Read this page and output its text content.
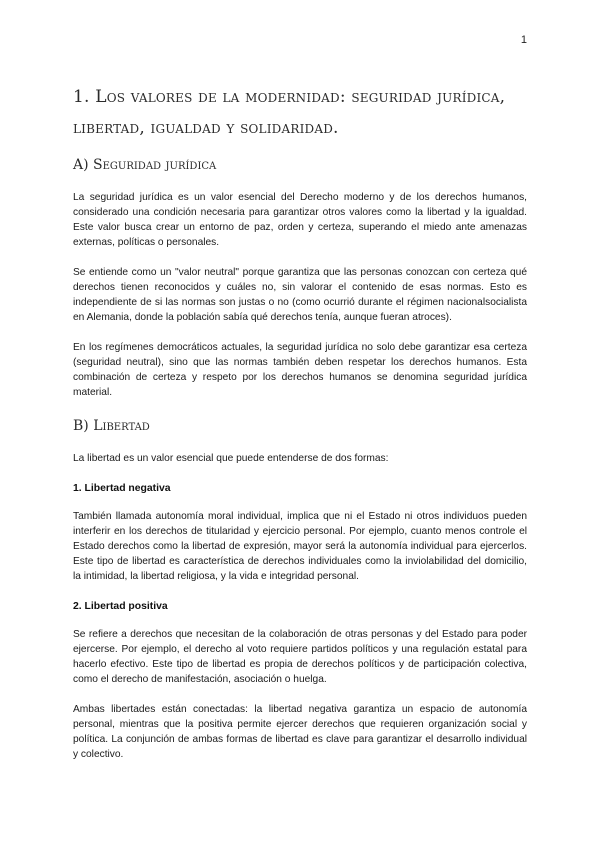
1
1. Los valores de la modernidad: seguridad jurídica, libertad, igualdad y solidaridad.
A) Seguridad jurídica

La seguridad jurídica es un valor esencial del Derecho moderno y de los derechos humanos, considerado una condición necesaria para garantizar otros valores como la libertad y la igualdad. Este valor busca crear un entorno de paz, orden y certeza, superando el miedo ante amenazas externas, políticas o personales.

Se entiende como un "valor neutral" porque garantiza que las personas conozcan con certeza qué derechos tienen reconocidos y cuáles no, sin valorar el contenido de esas normas. Esto es independiente de si las normas son justas o no (como ocurrió durante el régimen nacionalsocialista en Alemania, donde la población sabía qué derechos tenía, aunque fueran atroces).

En los regímenes democráticos actuales, la seguridad jurídica no solo debe garantizar esa certeza (seguridad neutral), sino que las normas también deben respetar los derechos humanos. Esta combinación de certeza y respeto por los derechos humanos se denomina seguridad jurídica material.

B) Libertad

La libertad es un valor esencial que puede entenderse de dos formas:

1. Libertad negativa

También llamada autonomía moral individual, implica que ni el Estado ni otros individuos pueden interferir en los derechos de titularidad y ejercicio personal. Por ejemplo, cuanto menos controle el Estado derechos como la libertad de expresión, mayor será la autonomía individual para ejercerlos. Este tipo de libertad es característica de derechos individuales como la inviolabilidad del domicilio, la intimidad, la libertad religiosa, y la vida e integridad personal.

2. Libertad positiva

Se refiere a derechos que necesitan de la colaboración de otras personas y del Estado para poder ejercerse. Por ejemplo, el derecho al voto requiere partidos políticos y una regulación estatal para hacerlo efectivo. Este tipo de libertad es propia de derechos políticos y de participación colectiva, como el derecho de manifestación, asociación o huelga.

Ambas libertades están conectadas: la libertad negativa garantiza un espacio de autonomía personal, mientras que la positiva permite ejercer derechos que requieren organización social y política. La conjunción de ambas formas de libertad es clave para garantizar el desarrollo individual y colectivo.
